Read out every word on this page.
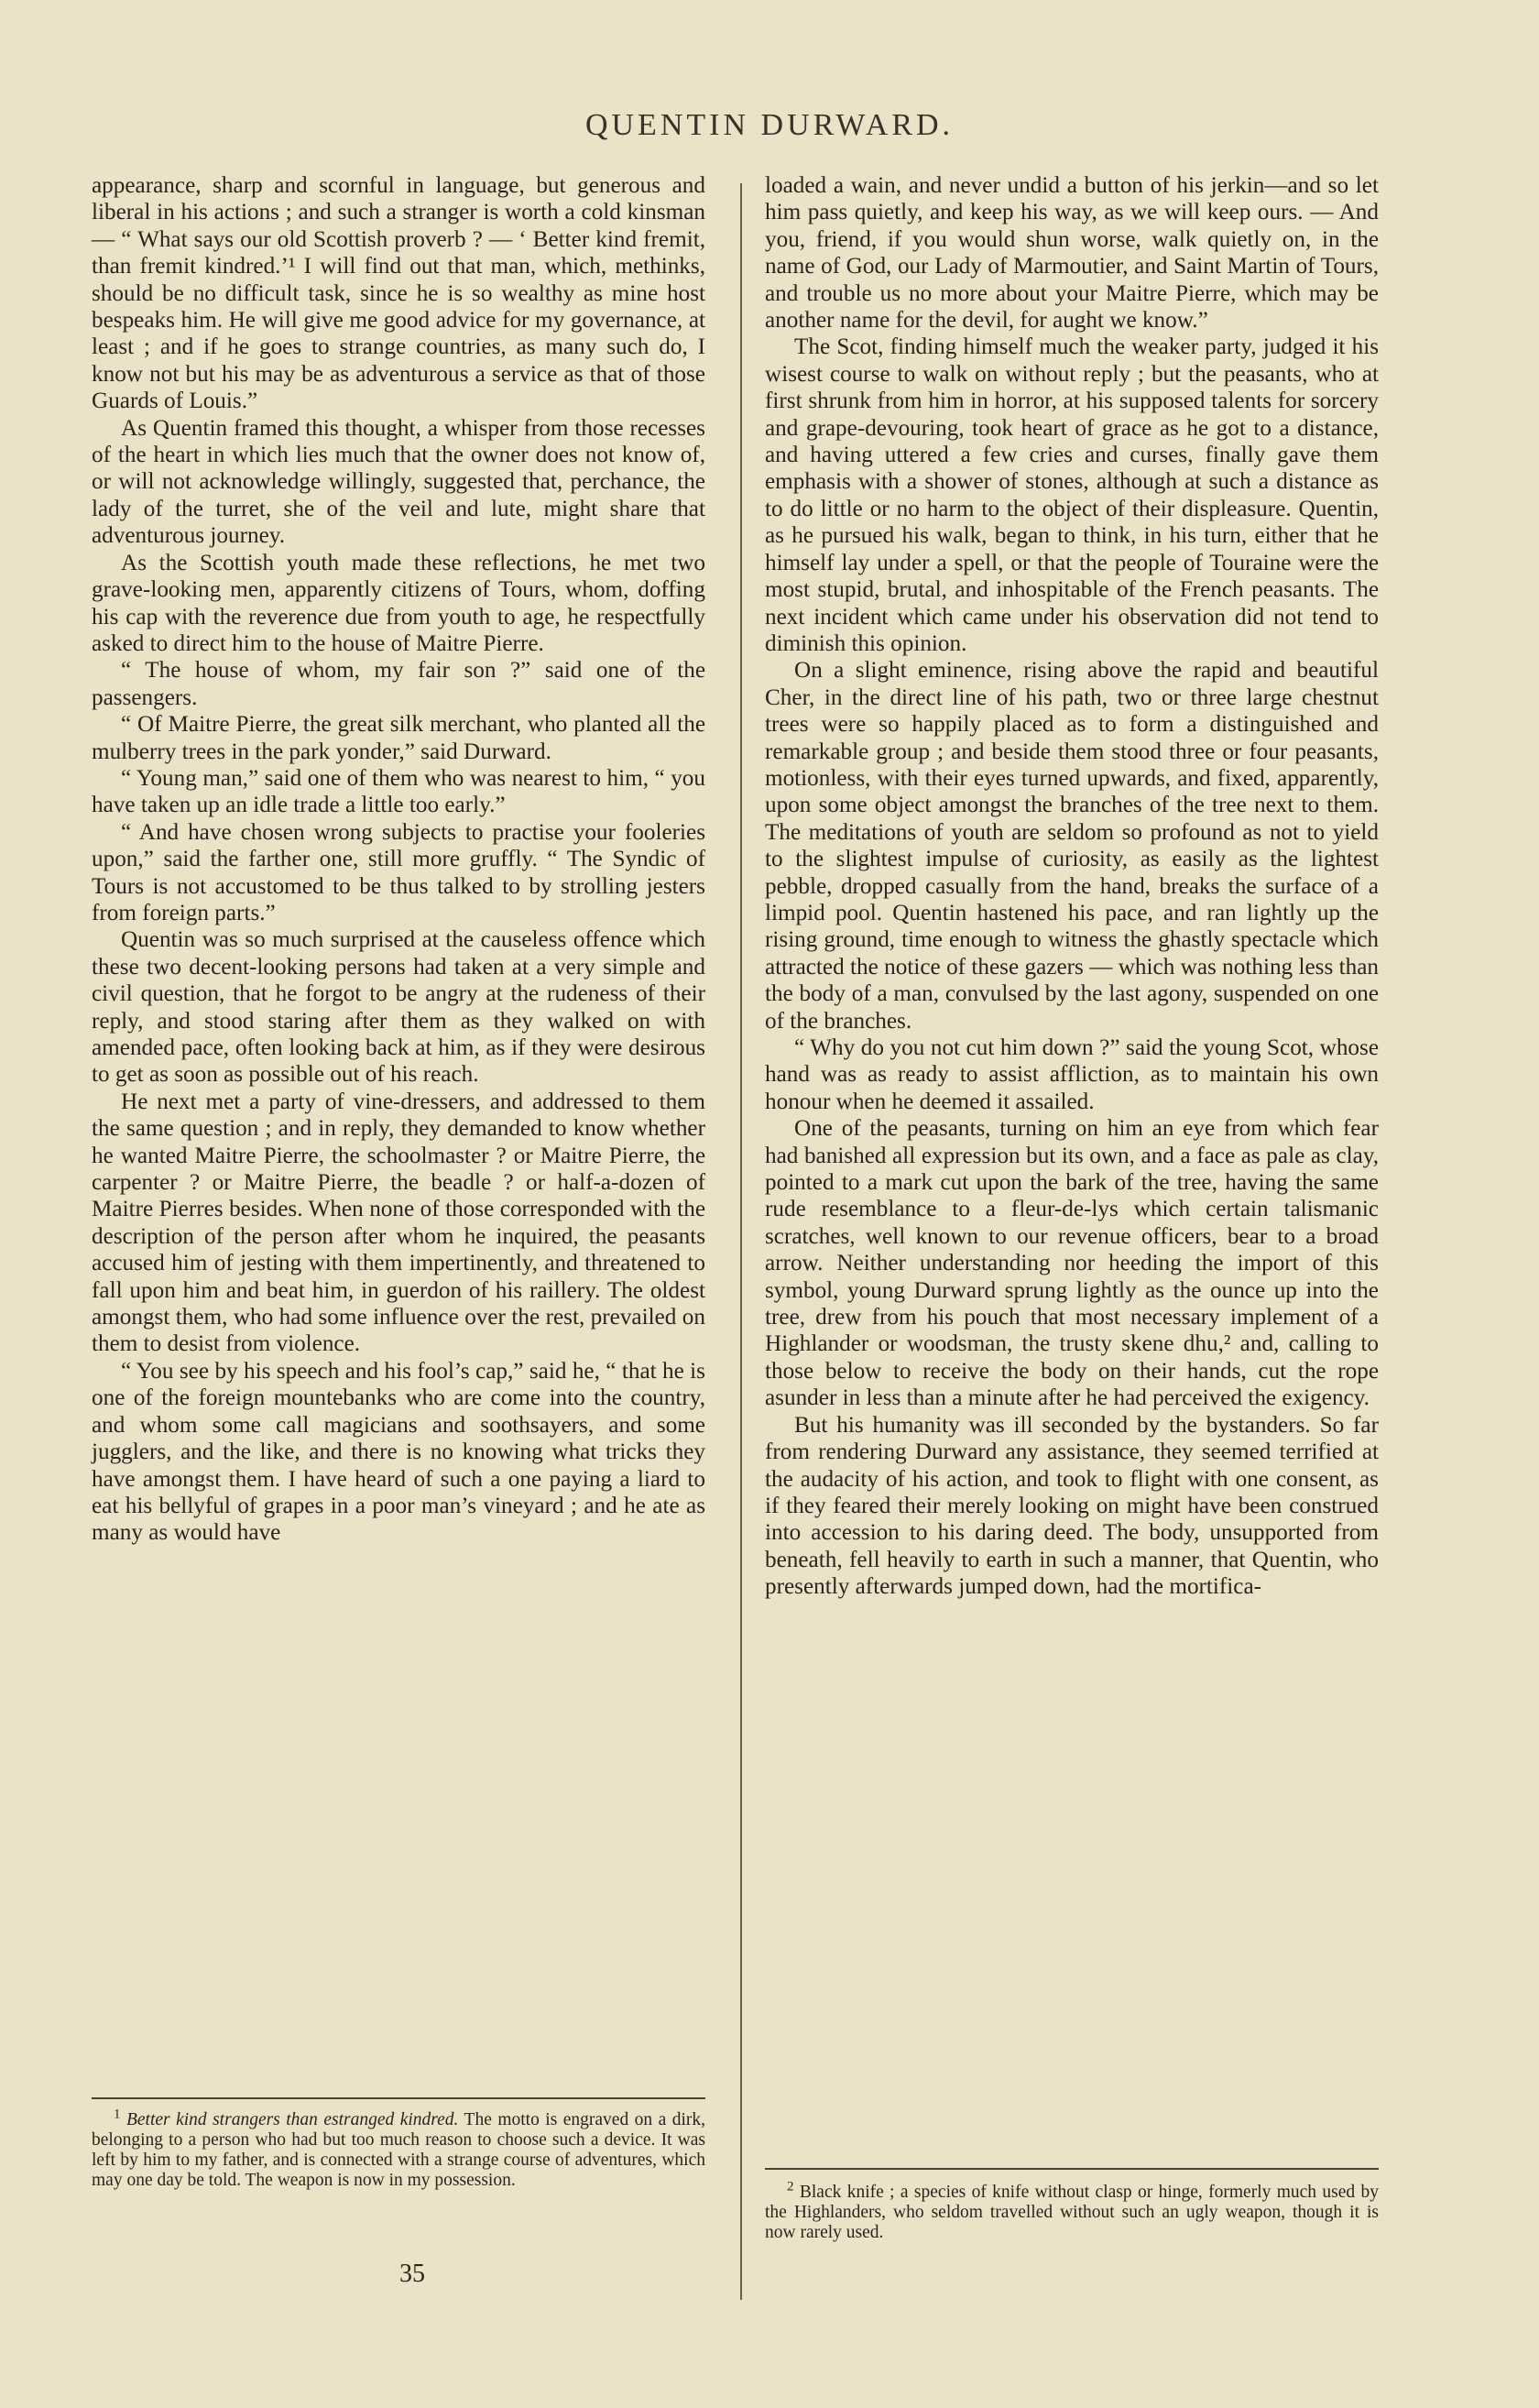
QUENTIN DURWARD.

appearance, sharp and scornful in language, but generous and liberal in his actions ; and such a stranger is worth a cold kinsman — “ What says our old Scottish proverb ? — ‘ Better kind fremit, than fremit kindred.’¹ I will find out that man, which, methinks, should be no difficult task, since he is so wealthy as mine host bespeaks him. He will give me good advice for my governance, at least ; and if he goes to strange countries, as many such do, I know not but his may be as adventurous a service as that of those Guards of Louis.”

As Quentin framed this thought, a whisper from those recesses of the heart in which lies much that the owner does not know of, or will not acknowledge willingly, suggested that, perchance, the lady of the turret, she of the veil and lute, might share that adventurous journey.

As the Scottish youth made these reflections, he met two grave-looking men, apparently citizens of Tours, whom, doffing his cap with the reverence due from youth to age, he respectfully asked to direct him to the house of Maitre Pierre.

“ The house of whom, my fair son ?” said one of the passengers.

“ Of Maitre Pierre, the great silk merchant, who planted all the mulberry trees in the park yonder,” said Durward.

“ Young man,” said one of them who was nearest to him, “ you have taken up an idle trade a little too early.”

“ And have chosen wrong subjects to practise your fooleries upon,” said the farther one, still more gruffly. “ The Syndic of Tours is not accustomed to be thus talked to by strolling jesters from foreign parts.”

Quentin was so much surprised at the causeless offence which these two decent-looking persons had taken at a very simple and civil question, that he forgot to be angry at the rudeness of their reply, and stood staring after them as they walked on with amended pace, often looking back at him, as if they were desirous to get as soon as possible out of his reach.

He next met a party of vine-dressers, and addressed to them the same question ; and in reply, they demanded to know whether he wanted Maitre Pierre, the schoolmaster ? or Maitre Pierre, the carpenter ? or Maitre Pierre, the beadle ? or half-a-dozen of Maitre Pierres besides. When none of those corresponded with the description of the person after whom he inquired, the peasants accused him of jesting with them impertinently, and threatened to fall upon him and beat him, in guerdon of his raillery. The oldest amongst them, who had some influence over the rest, prevailed on them to desist from violence.

“ You see by his speech and his fool’s cap,” said he, “ that he is one of the foreign mountebanks who are come into the country, and whom some call magicians and soothsayers, and some jugglers, and the like, and there is no knowing what tricks they have amongst them. I have heard of such a one paying a liard to eat his bellyful of grapes in a poor man’s vineyard ; and he ate as many as would have

loaded a wain, and never undid a button of his jerkin—and so let him pass quietly, and keep his way, as we will keep ours. — And you, friend, if you would shun worse, walk quietly on, in the name of God, our Lady of Marmoutier, and Saint Martin of Tours, and trouble us no more about your Maitre Pierre, which may be another name for the devil, for aught we know.”

The Scot, finding himself much the weaker party, judged it his wisest course to walk on without reply ; but the peasants, who at first shrunk from him in horror, at his supposed talents for sorcery and grape-devouring, took heart of grace as he got to a distance, and having uttered a few cries and curses, finally gave them emphasis with a shower of stones, although at such a distance as to do little or no harm to the object of their displeasure. Quentin, as he pursued his walk, began to think, in his turn, either that he himself lay under a spell, or that the people of Touraine were the most stupid, brutal, and inhospitable of the French peasants. The next incident which came under his observation did not tend to diminish this opinion.

On a slight eminence, rising above the rapid and beautiful Cher, in the direct line of his path, two or three large chestnut trees were so happily placed as to form a distinguished and remarkable group ; and beside them stood three or four peasants, motionless, with their eyes turned upwards, and fixed, apparently, upon some object amongst the branches of the tree next to them. The meditations of youth are seldom so profound as not to yield to the slightest impulse of curiosity, as easily as the lightest pebble, dropped casually from the hand, breaks the surface of a limpid pool. Quentin hastened his pace, and ran lightly up the rising ground, time enough to witness the ghastly spectacle which attracted the notice of these gazers — which was nothing less than the body of a man, convulsed by the last agony, suspended on one of the branches.

“ Why do you not cut him down ?” said the young Scot, whose hand was as ready to assist affliction, as to maintain his own honour when he deemed it assailed.

One of the peasants, turning on him an eye from which fear had banished all expression but its own, and a face as pale as clay, pointed to a mark cut upon the bark of the tree, having the same rude resemblance to a fleur-de-lys which certain talismanic scratches, well known to our revenue officers, bear to a broad arrow. Neither understanding nor heeding the import of this symbol, young Durward sprung lightly as the ounce up into the tree, drew from his pouch that most necessary implement of a Highlander or woodsman, the trusty skene dhu,² and, calling to those below to receive the body on their hands, cut the rope asunder in less than a minute after he had perceived the exigency.

But his humanity was ill seconded by the bystanders. So far from rendering Durward any assistance, they seemed terrified at the audacity of his action, and took to flight with one consent, as if they feared their merely looking on might have been construed into accession to his daring deed. The body, unsupported from beneath, fell heavily to earth in such a manner, that Quentin, who presently afterwards jumped down, had the mortifica-

$^1$ Better kind strangers than estranged kindred. The motto is engraved on a dirk, belonging to a person who had but too much reason to choose such a device. It was left by him to my father, and is connected with a strange course of adventures, which may one day be told. The weapon is now in my possession.	$^2$ Black knife ; a species of knife without clasp or hinge, formerly much used by the Highlanders, who seldom travelled without such an ugly weapon, though it is now rarely used.
35
